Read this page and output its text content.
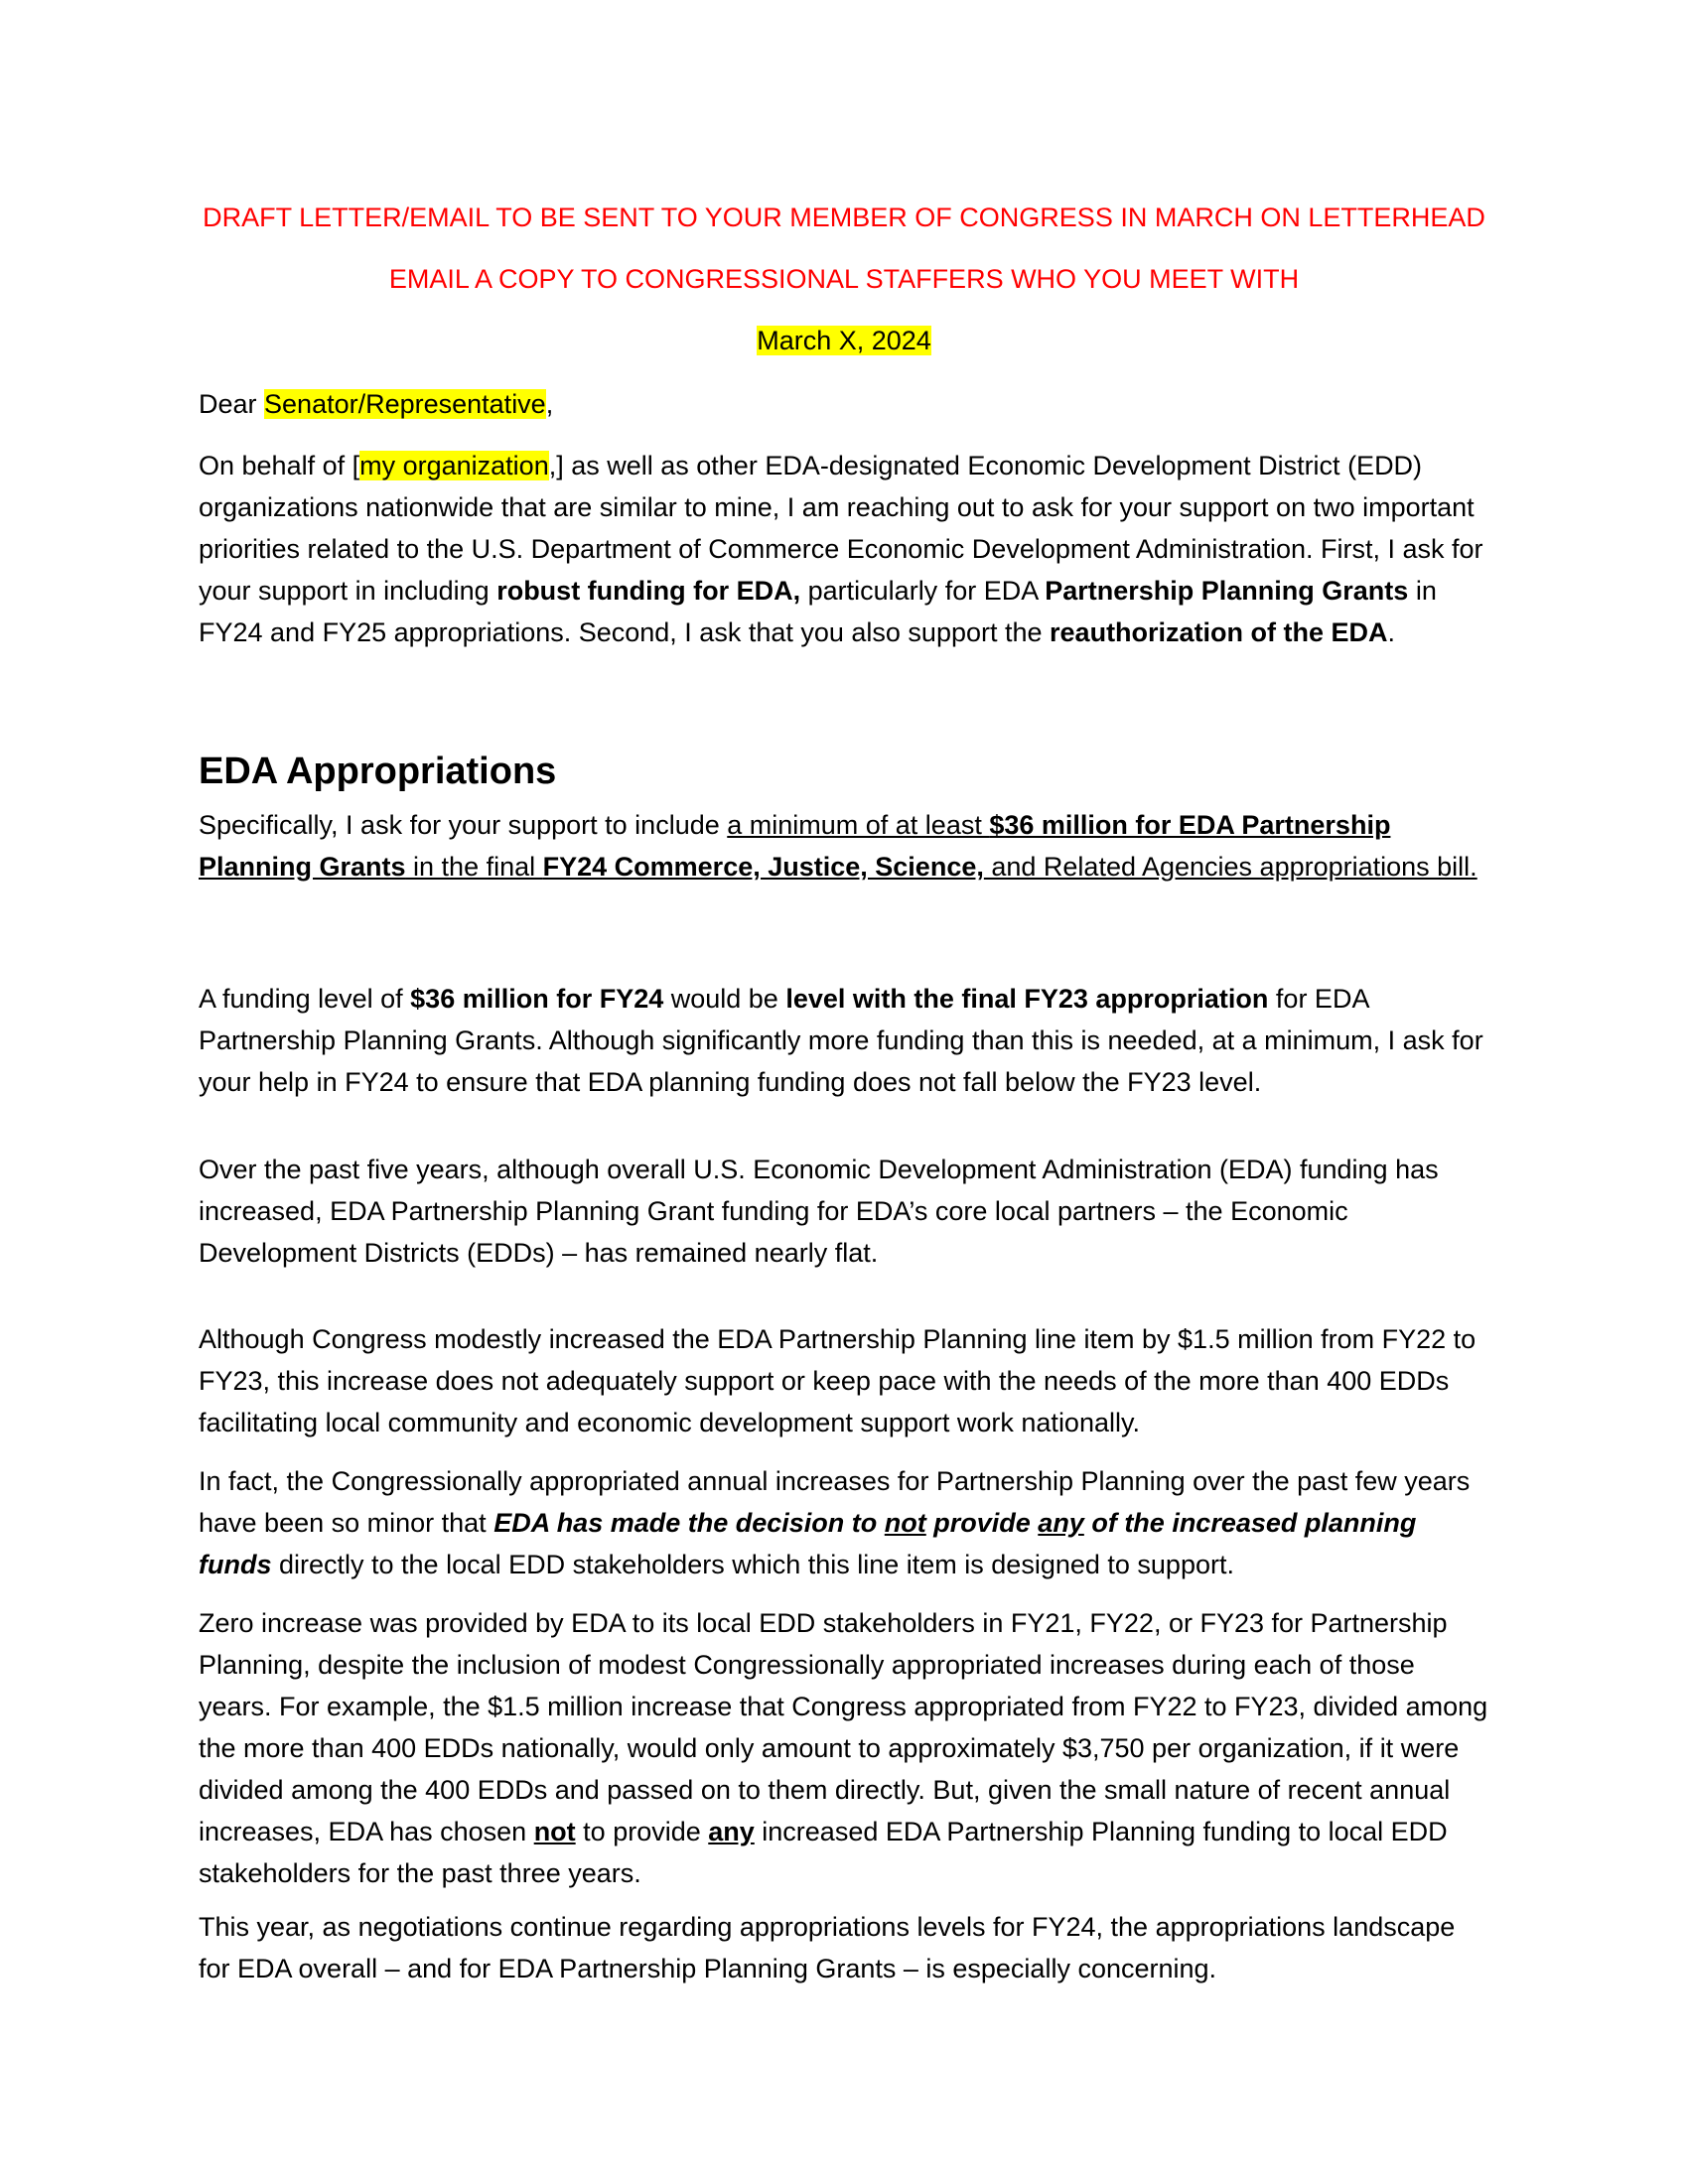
DRAFT LETTER/EMAIL TO BE SENT TO YOUR MEMBER OF CONGRESS IN MARCH ON LETTERHEAD
EMAIL A COPY TO CONGRESSIONAL STAFFERS WHO YOU MEET WITH
March X, 2024
Dear Senator/Representative,

On behalf of [my organization,] as well as other EDA-designated Economic Development District (EDD) organizations nationwide that are similar to mine, I am reaching out to ask for your support on two important priorities related to the U.S. Department of Commerce Economic Development Administration. First, I ask for your support in including robust funding for EDA, particularly for EDA Partnership Planning Grants in FY24 and FY25 appropriations. Second, I ask that you also support the reauthorization of the EDA.

EDA Appropriations

Specifically, I ask for your support to include a minimum of at least $36 million for EDA Partnership Planning Grants in the final FY24 Commerce, Justice, Science, and Related Agencies appropriations bill.

A funding level of $36 million for FY24 would be level with the final FY23 appropriation for EDA Partnership Planning Grants. Although significantly more funding than this is needed, at a minimum, I ask for your help in FY24 to ensure that EDA planning funding does not fall below the FY23 level.

Over the past five years, although overall U.S. Economic Development Administration (EDA) funding has increased, EDA Partnership Planning Grant funding for EDA’s core local partners – the Economic Development Districts (EDDs) – has remained nearly flat.

Although Congress modestly increased the EDA Partnership Planning line item by $1.5 million from FY22 to FY23, this increase does not adequately support or keep pace with the needs of the more than 400 EDDs facilitating local community and economic development support work nationally.

In fact, the Congressionally appropriated annual increases for Partnership Planning over the past few years have been so minor that EDA has made the decision to not provide any of the increased planning funds directly to the local EDD stakeholders which this line item is designed to support.

Zero increase was provided by EDA to its local EDD stakeholders in FY21, FY22, or FY23 for Partnership Planning, despite the inclusion of modest Congressionally appropriated increases during each of those years. For example, the $1.5 million increase that Congress appropriated from FY22 to FY23, divided among the more than 400 EDDs nationally, would only amount to approximately $3,750 per organization, if it were divided among the 400 EDDs and passed on to them directly. But, given the small nature of recent annual increases, EDA has chosen not to provide any increased EDA Partnership Planning funding to local EDD stakeholders for the past three years.

This year, as negotiations continue regarding appropriations levels for FY24, the appropriations landscape for EDA overall – and for EDA Partnership Planning Grants – is especially concerning.
